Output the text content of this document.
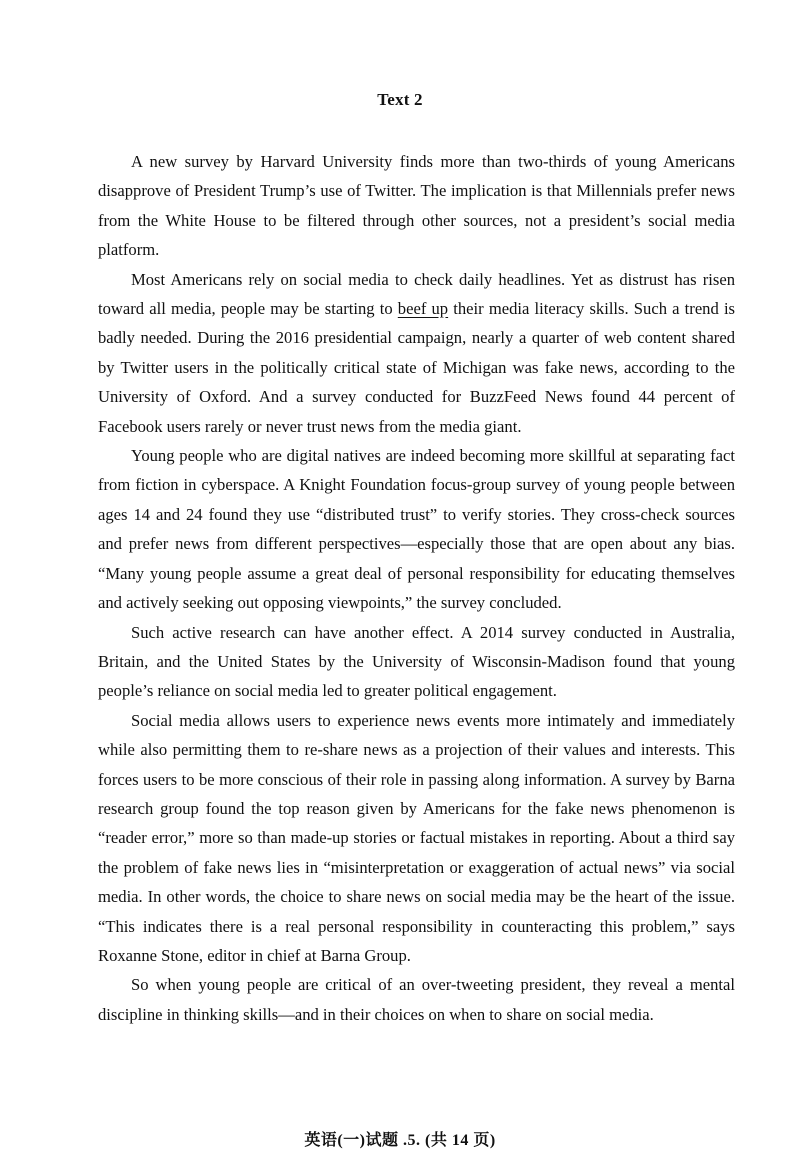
Text 2

A new survey by Harvard University finds more than two-thirds of young Americans disapprove of President Trump’s use of Twitter. The implication is that Millennials prefer news from the White House to be filtered through other sources, not a president’s social media platform.

Most Americans rely on social media to check daily headlines. Yet as distrust has risen toward all media, people may be starting to beef up their media literacy skills. Such a trend is badly needed. During the 2016 presidential campaign, nearly a quarter of web content shared by Twitter users in the politically critical state of Michigan was fake news, according to the University of Oxford. And a survey conducted for BuzzFeed News found 44 percent of Facebook users rarely or never trust news from the media giant.

Young people who are digital natives are indeed becoming more skillful at separating fact from fiction in cyberspace. A Knight Foundation focus-group survey of young people between ages 14 and 24 found they use “distributed trust” to verify stories. They cross-check sources and prefer news from different perspectives—especially those that are open about any bias. “Many young people assume a great deal of personal responsibility for educating themselves and actively seeking out opposing viewpoints,” the survey concluded.

Such active research can have another effect. A 2014 survey conducted in Australia, Britain, and the United States by the University of Wisconsin-Madison found that young people’s reliance on social media led to greater political engagement.

Social media allows users to experience news events more intimately and immediately while also permitting them to re-share news as a projection of their values and interests. This forces users to be more conscious of their role in passing along information. A survey by Barna research group found the top reason given by Americans for the fake news phenomenon is “reader error,” more so than made-up stories or factual mistakes in reporting. About a third say the problem of fake news lies in “misinterpretation or exaggeration of actual news” via social media. In other words, the choice to share news on social media may be the heart of the issue. “This indicates there is a real personal responsibility in counteracting this problem,” says Roxanne Stone, editor in chief at Barna Group.

So when young people are critical of an over-tweeting president, they reveal a mental discipline in thinking skills—and in their choices on when to share on social media.

英语(一)试题 .5. (共 14 页)
